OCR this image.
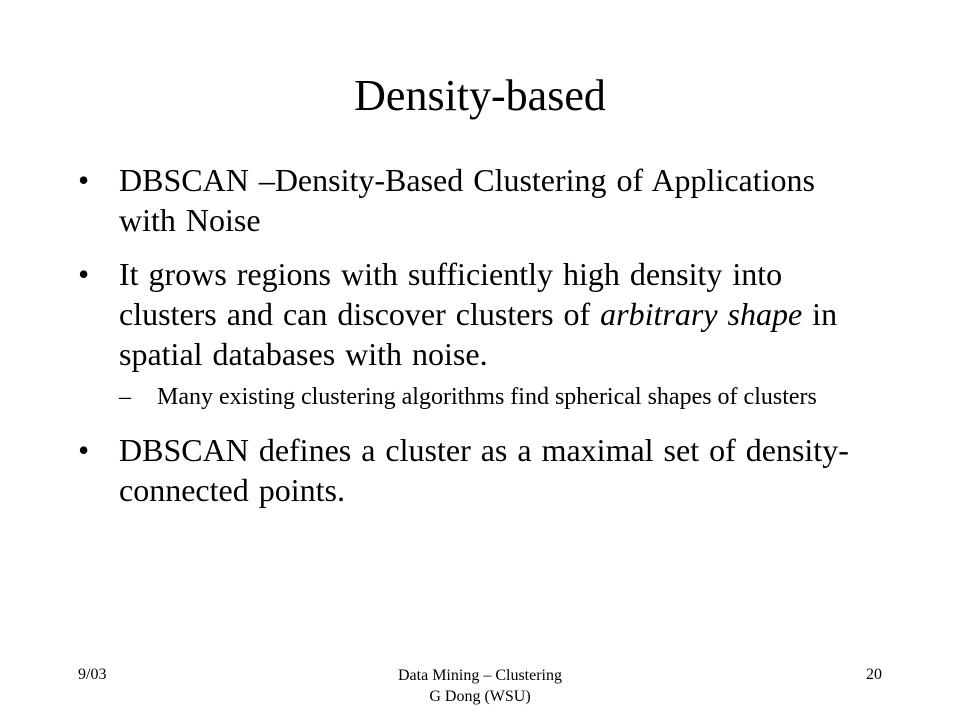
Density-based
• DBSCAN –Density-Based Clustering of Applications with Noise
• It grows regions with sufficiently high density into clusters and can discover clusters of arbitrary shape in spatial databases with noise.
– Many existing clustering algorithms find spherical shapes of clusters
• DBSCAN defines a cluster as a maximal set of density-connected points.
9/03	Data Mining – Clustering
G Dong (WSU)
20
